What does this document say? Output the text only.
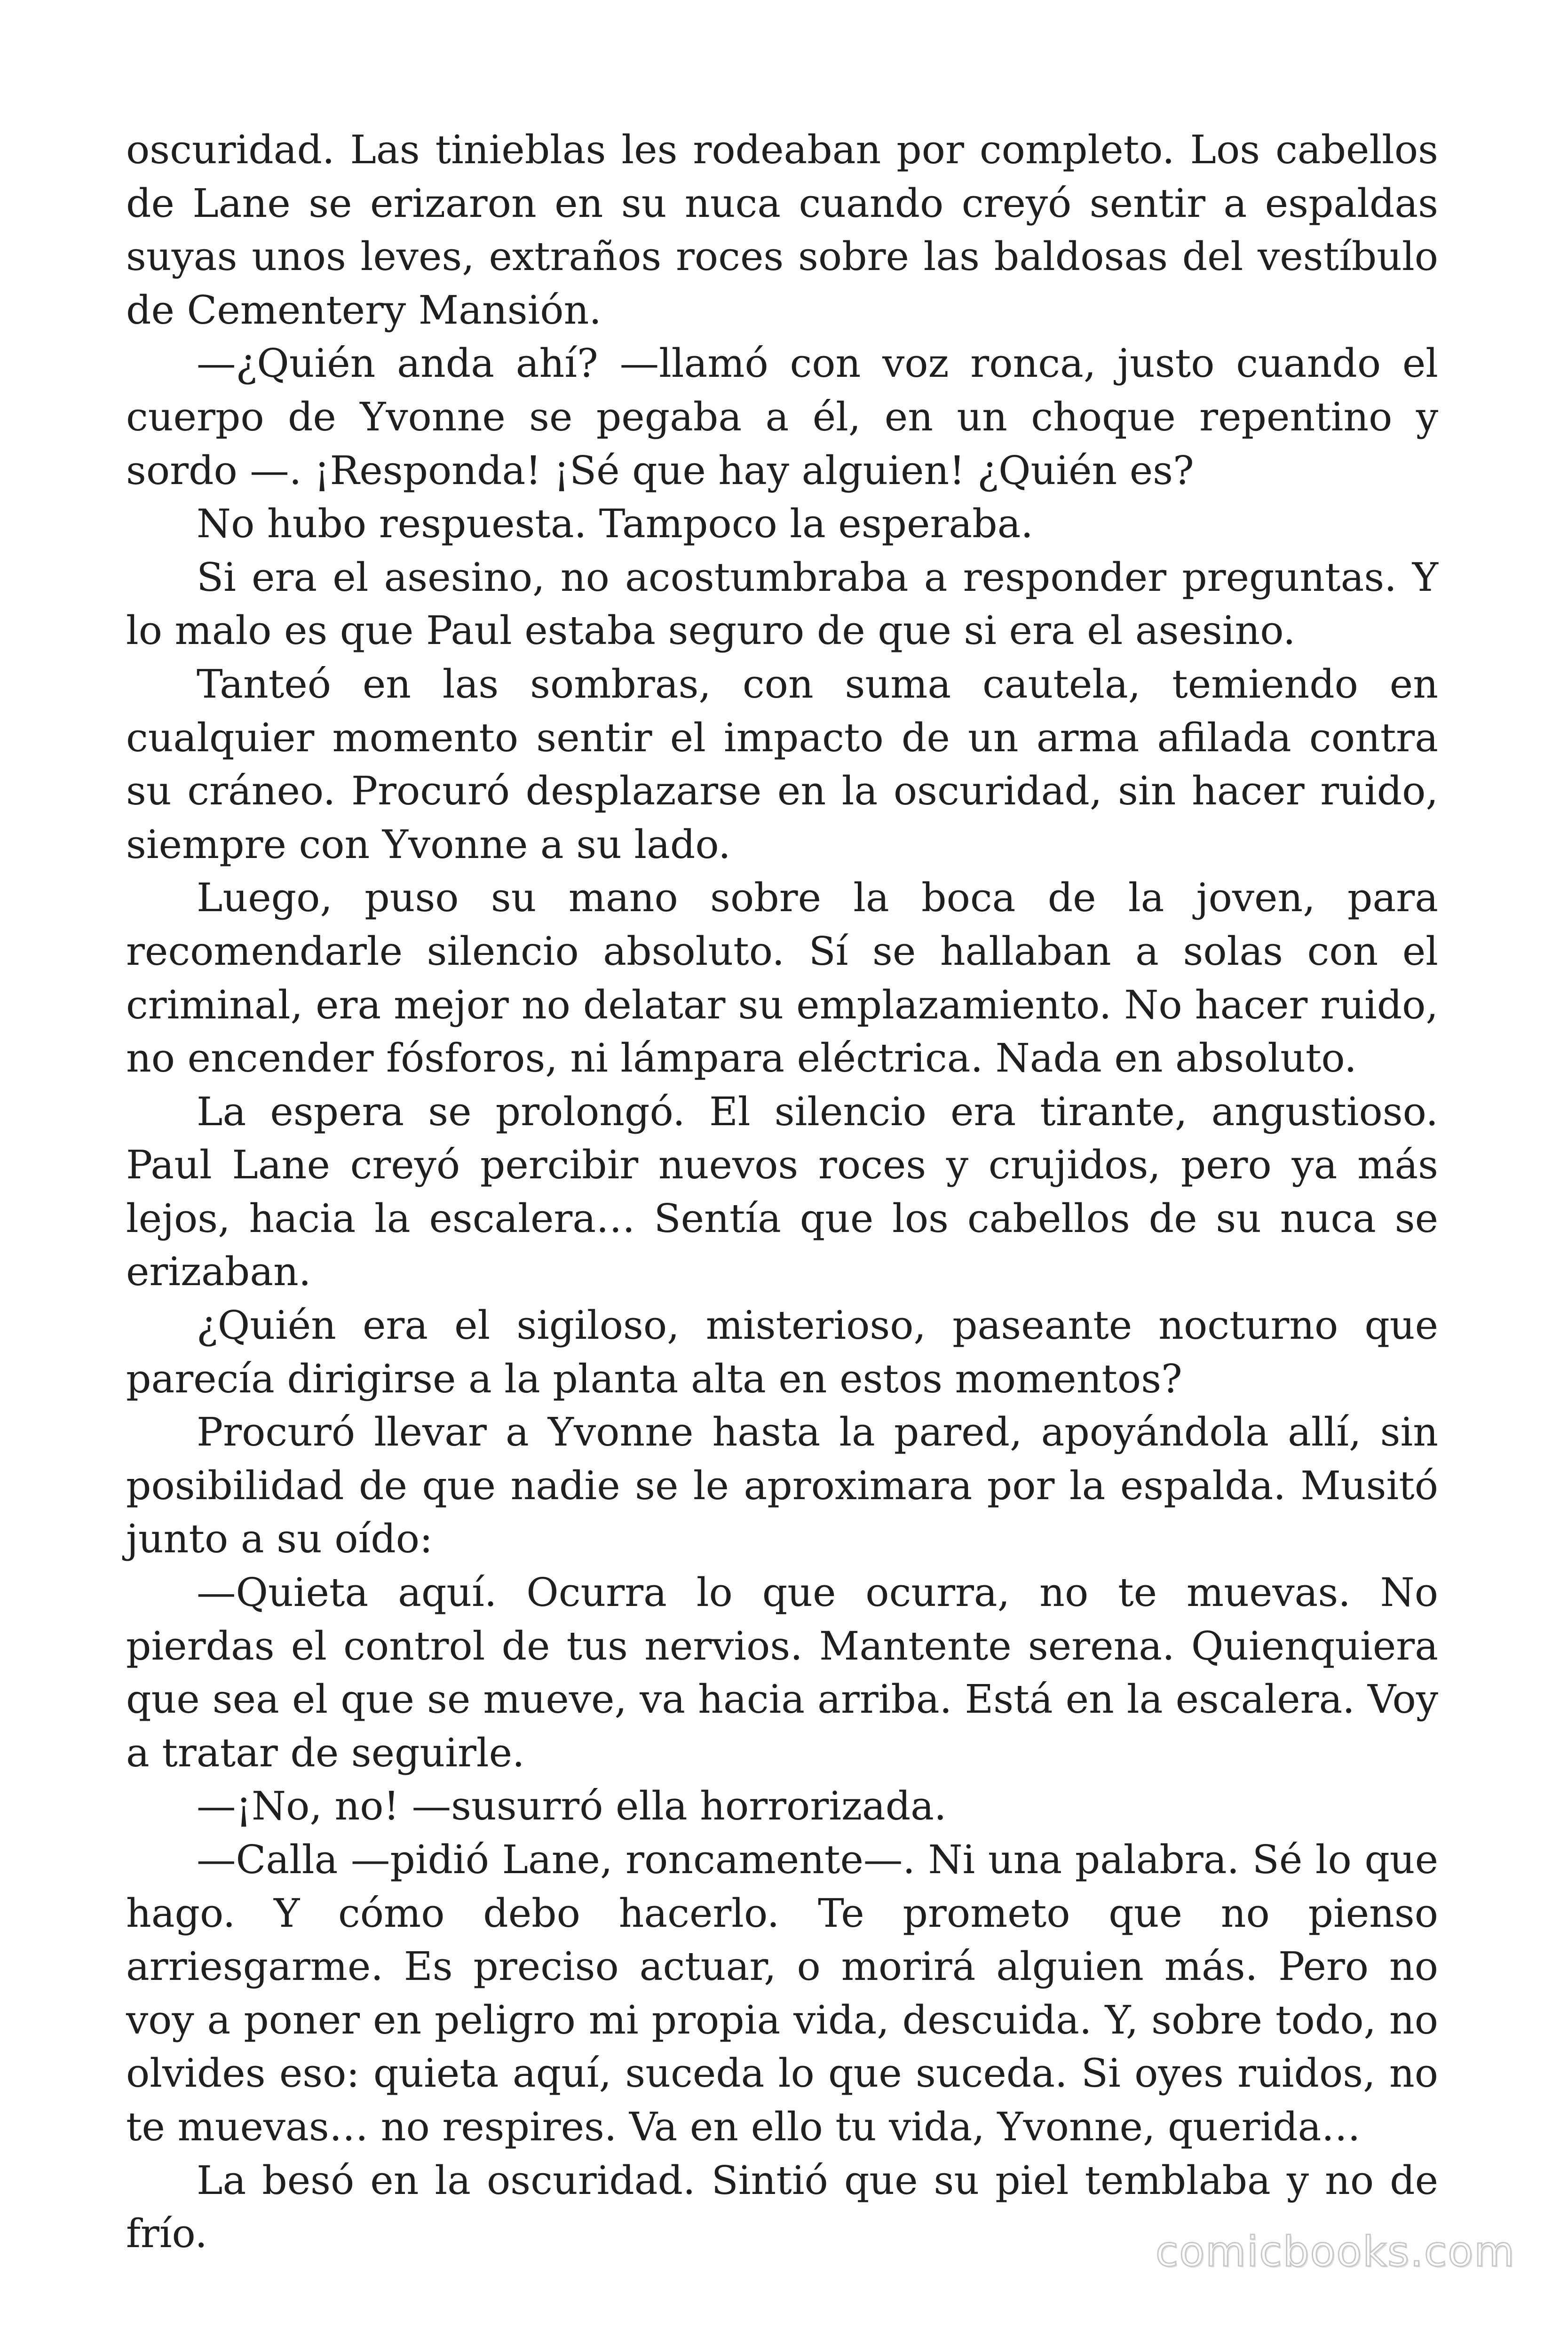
oscuridad. Las tinieblas les rodeaban por completo. Los cabellos de Lane se erizaron en su nuca cuando creyó sentir a espaldas suyas unos leves, extraños roces sobre las baldosas del vestíbulo de Cementery Mansión.

—¿Quién anda ahí? —llamó con voz ronca, justo cuando el cuerpo de Yvonne se pegaba a él, en un choque repentino y sordo —. ¡Responda! ¡Sé que hay alguien! ¿Quién es?

No hubo respuesta. Tampoco la esperaba.

Si era el asesino, no acostumbraba a responder preguntas. Y lo malo es que Paul estaba seguro de que si era el asesino.

Tanteó en las sombras, con suma cautela, temiendo en cualquier momento sentir el impacto de un arma afilada contra su cráneo. Procuró desplazarse en la oscuridad, sin hacer ruido, siempre con Yvonne a su lado.

Luego, puso su mano sobre la boca de la joven, para recomendarle silencio absoluto. Sí se hallaban a solas con el criminal, era mejor no delatar su emplazamiento. No hacer ruido, no encender fósforos, ni lámpara eléctrica. Nada en absoluto.

La espera se prolongó. El silencio era tirante, angustioso. Paul Lane creyó percibir nuevos roces y crujidos, pero ya más lejos, hacia la escalera… Sentía que los cabellos de su nuca se erizaban.

¿Quién era el sigiloso, misterioso, paseante nocturno que parecía dirigirse a la planta alta en estos momentos?

Procuró llevar a Yvonne hasta la pared, apoyándola allí, sin posibilidad de que nadie se le aproximara por la espalda. Musitó junto a su oído:

—Quieta aquí. Ocurra lo que ocurra, no te muevas. No pierdas el control de tus nervios. Mantente serena. Quienquiera que sea el que se mueve, va hacia arriba. Está en la escalera. Voy a tratar de seguirle.

—¡No, no! —susurró ella horrorizada.

—Calla —pidió Lane, roncamente—. Ni una palabra. Sé lo que hago. Y cómo debo hacerlo. Te prometo que no pienso arriesgarme. Es preciso actuar, o morirá alguien más. Pero no voy a poner en peligro mi propia vida, descuida. Y, sobre todo, no olvides eso: quieta aquí, suceda lo que suceda. Si oyes ruidos, no te muevas… no respires. Va en ello tu vida, Yvonne, querida…

La besó en la oscuridad. Sintió que su piel temblaba y no de frío.	comicbooks.com
